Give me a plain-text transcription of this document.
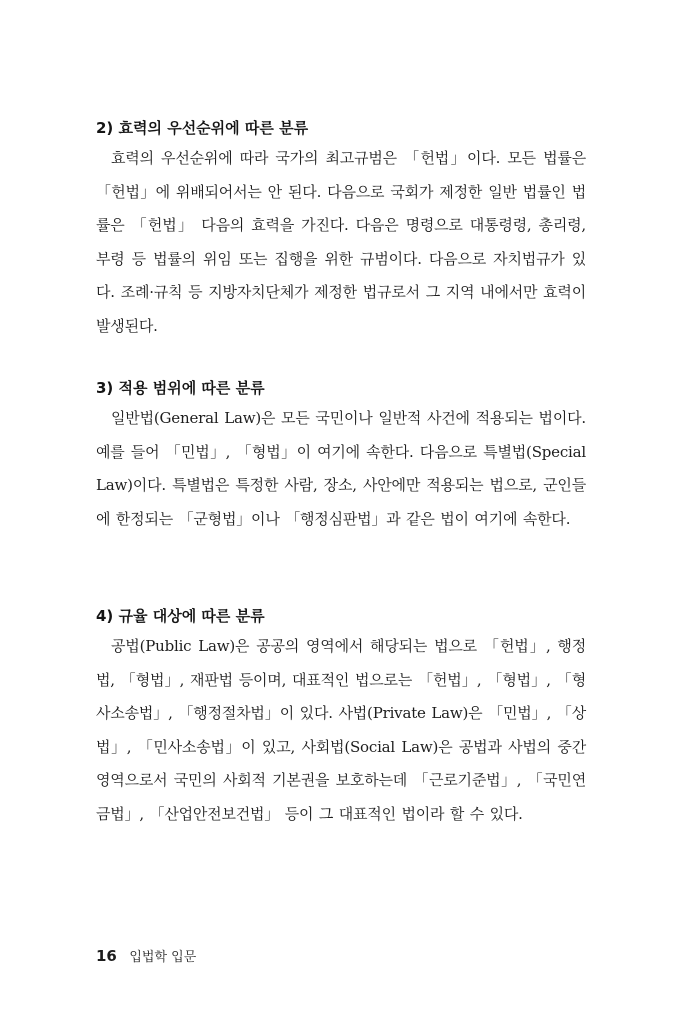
2) 효력의 우선순위에 따른 분류

효력의 우선순위에 따라 국가의 최고규범은 「헌법」이다. 모든 법률은 「헌법」에 위배되어서는 안 된다. 다음으로 국회가 제정한 일반 법률인 법률은 「헌법」 다음의 효력을 가진다. 다음은 명령으로 대통령령, 총리령, 부령 등 법률의 위임 또는 집행을 위한 규범이다. 다음으로 자치법규가 있다. 조례·규칙 등 지방자치단체가 제정한 법규로서 그 지역 내에서만 효력이 발생된다.

3) 적용 범위에 따른 분류

일반법(General Law)은 모든 국민이나 일반적 사건에 적용되는 법이다. 예를 들어 「민법」, 「형법」이 여기에 속한다. 다음으로 특별법(Special Law)이다. 특별법은 특정한 사람, 장소, 사안에만 적용되는 법으로, 군인들에 한정되는 「군형법」이나 「행정심판법」과 같은 법이 여기에 속한다.

4) 규율 대상에 따른 분류

공법(Public Law)은 공공의 영역에서 해당되는 법으로 「헌법」, 행정법, 「형법」, 재판법 등이며, 대표적인 법으로는 「헌법」, 「형법」, 「형사소송법」, 「행정절차법」이 있다. 사법(Private Law)은 「민법」, 「상법」, 「민사소송법」이 있고, 사회법(Social Law)은 공법과 사법의 중간 영역으로서 국민의 사회적 기본권을 보호하는데 「근로기준법」, 「국민연금법」, 「산업안전보건법」 등이 그 대표적인 법이라 할 수 있다.

16 입법학 입문
